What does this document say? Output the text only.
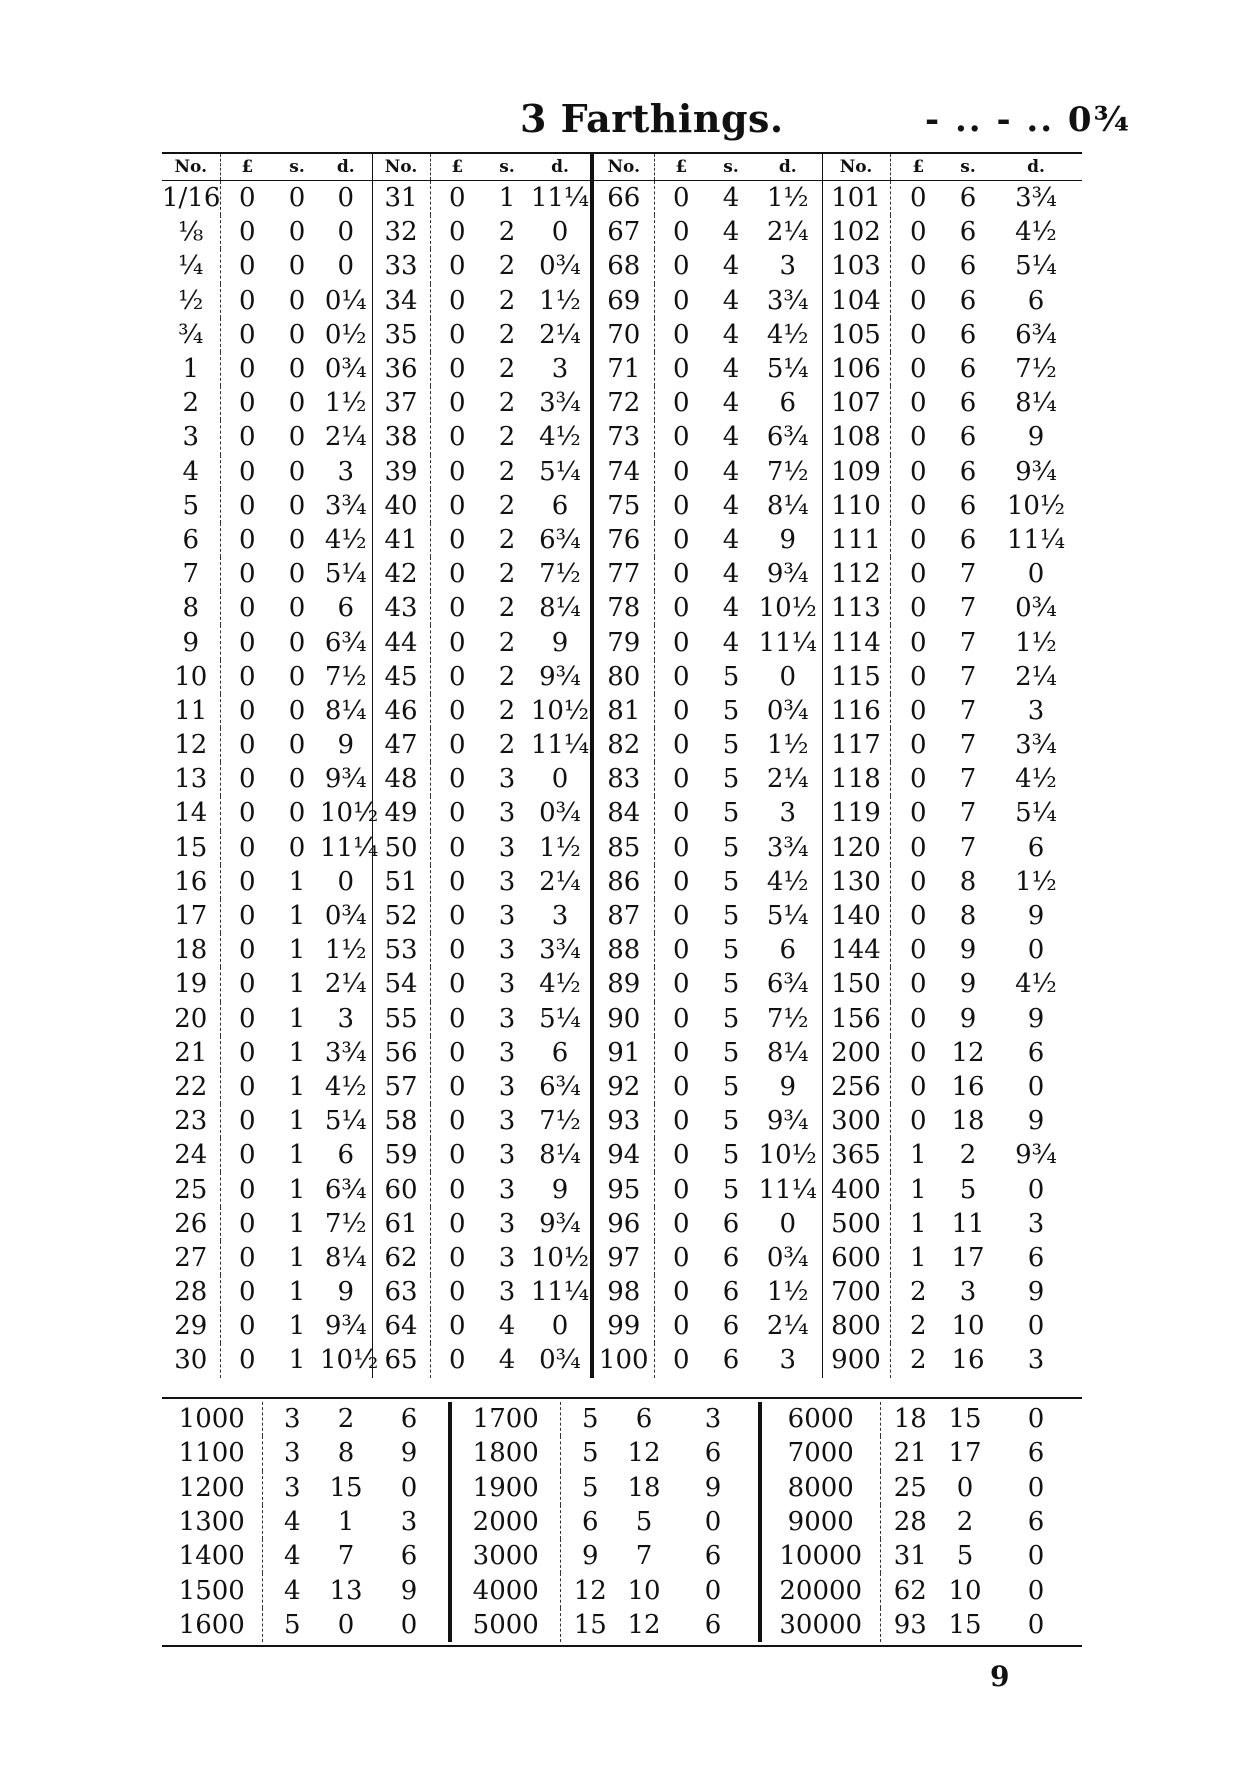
3 Farthings.	- .. - .. 0¾
No.	£	s.	d.	No.	£	s.	d.	No.	£	s.	d.	No.	£	s.	d.
1/16	0	0	0	31	0	1	11¼	66	0	4	1½	101	0	6	3¾
⅛	0	0	0	32	0	2	0	67	0	4	2¼	102	0	6	4½
¼	0	0	0	33	0	2	0¾	68	0	4	3	103	0	6	5¼
½	0	0	0¼	34	0	2	1½	69	0	4	3¾	104	0	6	6
¾	0	0	0½	35	0	2	2¼	70	0	4	4½	105	0	6	6¾
1	0	0	0¾	36	0	2	3	71	0	4	5¼	106	0	6	7½
2	0	0	1½	37	0	2	3¾	72	0	4	6	107	0	6	8¼
3	0	0	2¼	38	0	2	4½	73	0	4	6¾	108	0	6	9
4	0	0	3	39	0	2	5¼	74	0	4	7½	109	0	6	9¾
5	0	0	3¾	40	0	2	6	75	0	4	8¼	110	0	6	10½
6	0	0	4½	41	0	2	6¾	76	0	4	9	111	0	6	11¼
7	0	0	5¼	42	0	2	7½	77	0	4	9¾	112	0	7	0
8	0	0	6	43	0	2	8¼	78	0	4	10½	113	0	7	0¾
9	0	0	6¾	44	0	2	9	79	0	4	11¼	114	0	7	1½
10	0	0	7½	45	0	2	9¾	80	0	5	0	115	0	7	2¼
11	0	0	8¼	46	0	2	10½	81	0	5	0¾	116	0	7	3
12	0	0	9	47	0	2	11¼	82	0	5	1½	117	0	7	3¾
13	0	0	9¾	48	0	3	0	83	0	5	2¼	118	0	7	4½
14	0	0	10½	49	0	3	0¾	84	0	5	3	119	0	7	5¼
15	0	0	11¼	50	0	3	1½	85	0	5	3¾	120	0	7	6
16	0	1	0	51	0	3	2¼	86	0	5	4½	130	0	8	1½
17	0	1	0¾	52	0	3	3	87	0	5	5¼	140	0	8	9
18	0	1	1½	53	0	3	3¾	88	0	5	6	144	0	9	0
19	0	1	2¼	54	0	3	4½	89	0	5	6¾	150	0	9	4½
20	0	1	3	55	0	3	5¼	90	0	5	7½	156	0	9	9
21	0	1	3¾	56	0	3	6	91	0	5	8¼	200	0	12	6
22	0	1	4½	57	0	3	6¾	92	0	5	9	256	0	16	0
23	0	1	5¼	58	0	3	7½	93	0	5	9¾	300	0	18	9
24	0	1	6	59	0	3	8¼	94	0	5	10½	365	1	2	9¾
25	0	1	6¾	60	0	3	9	95	0	5	11¼	400	1	5	0
26	0	1	7½	61	0	3	9¾	96	0	6	0	500	1	11	3
27	0	1	8¼	62	0	3	10½	97	0	6	0¾	600	1	17	6
28	0	1	9	63	0	3	11¼	98	0	6	1½	700	2	3	9
29	0	1	9¾	64	0	4	0	99	0	6	2¼	800	2	10	0
30	0	1	10½	65	0	4	0¾	100	0	6	3	900	2	16	3
1000	3	2	6	1700	5	6	3	6000	18	15	0
1100	3	8	9	1800	5	12	6	7000	21	17	6
1200	3	15	0	1900	5	18	9	8000	25	0	0
1300	4	1	3	2000	6	5	0	9000	28	2	6
1400	4	7	6	3000	9	7	6	10000	31	5	0
1500	4	13	9	4000	12	10	0	20000	62	10	0
1600	5	0	0	5000	15	12	6	30000	93	15	0
9
